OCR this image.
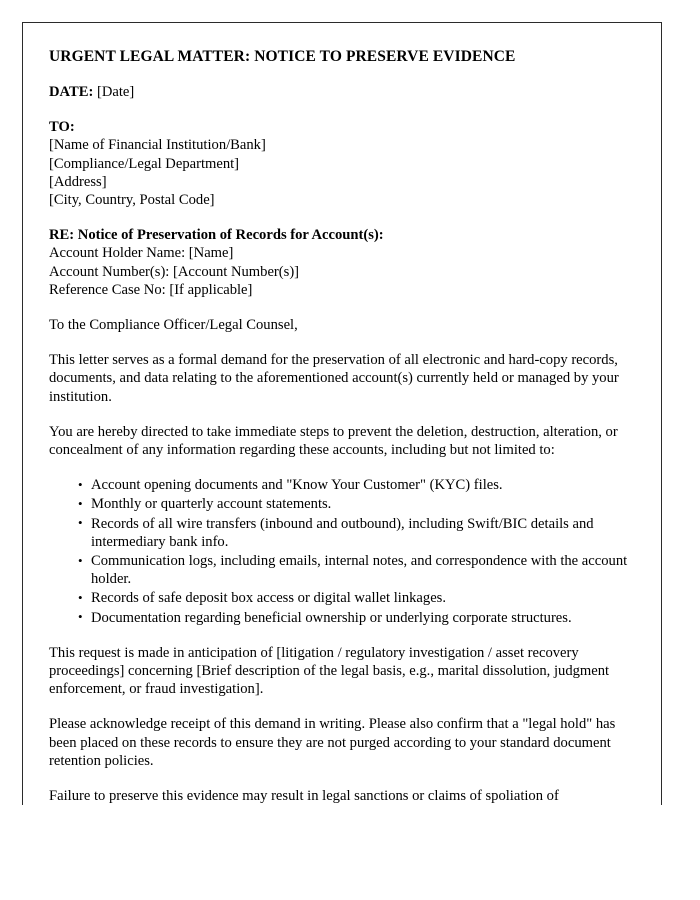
URGENT LEGAL MATTER: NOTICE TO PRESERVE EVIDENCE
DATE: [Date]
TO:
[Name of Financial Institution/Bank]
[Compliance/Legal Department]
[Address]
[City, Country, Postal Code]
RE: Notice of Preservation of Records for Account(s):
Account Holder Name: [Name]
Account Number(s): [Account Number(s)]
Reference Case No: [If applicable]

To the Compliance Officer/Legal Counsel,

This letter serves as a formal demand for the preservation of all electronic and hard-copy records, documents, and data relating to the aforementioned account(s) currently held or managed by your institution.

You are hereby directed to take immediate steps to prevent the deletion, destruction, alteration, or concealment of any information regarding these accounts, including but not limited to:

• Account opening documents and "Know Your Customer" (KYC) files.
• Monthly or quarterly account statements.
• Records of all wire transfers (inbound and outbound), including Swift/BIC details and intermediary bank info.
• Communication logs, including emails, internal notes, and correspondence with the account holder.
• Records of safe deposit box access or digital wallet linkages.
• Documentation regarding beneficial ownership or underlying corporate structures.

This request is made in anticipation of [litigation / regulatory investigation / asset recovery proceedings] concerning [Brief description of the legal basis, e.g., marital dissolution, judgment enforcement, or fraud investigation].

Please acknowledge receipt of this demand in writing. Please also confirm that a "legal hold" has been placed on these records to ensure they are not purged according to your standard document retention policies.

Failure to preserve this evidence may result in legal sanctions or claims of spoliation of
